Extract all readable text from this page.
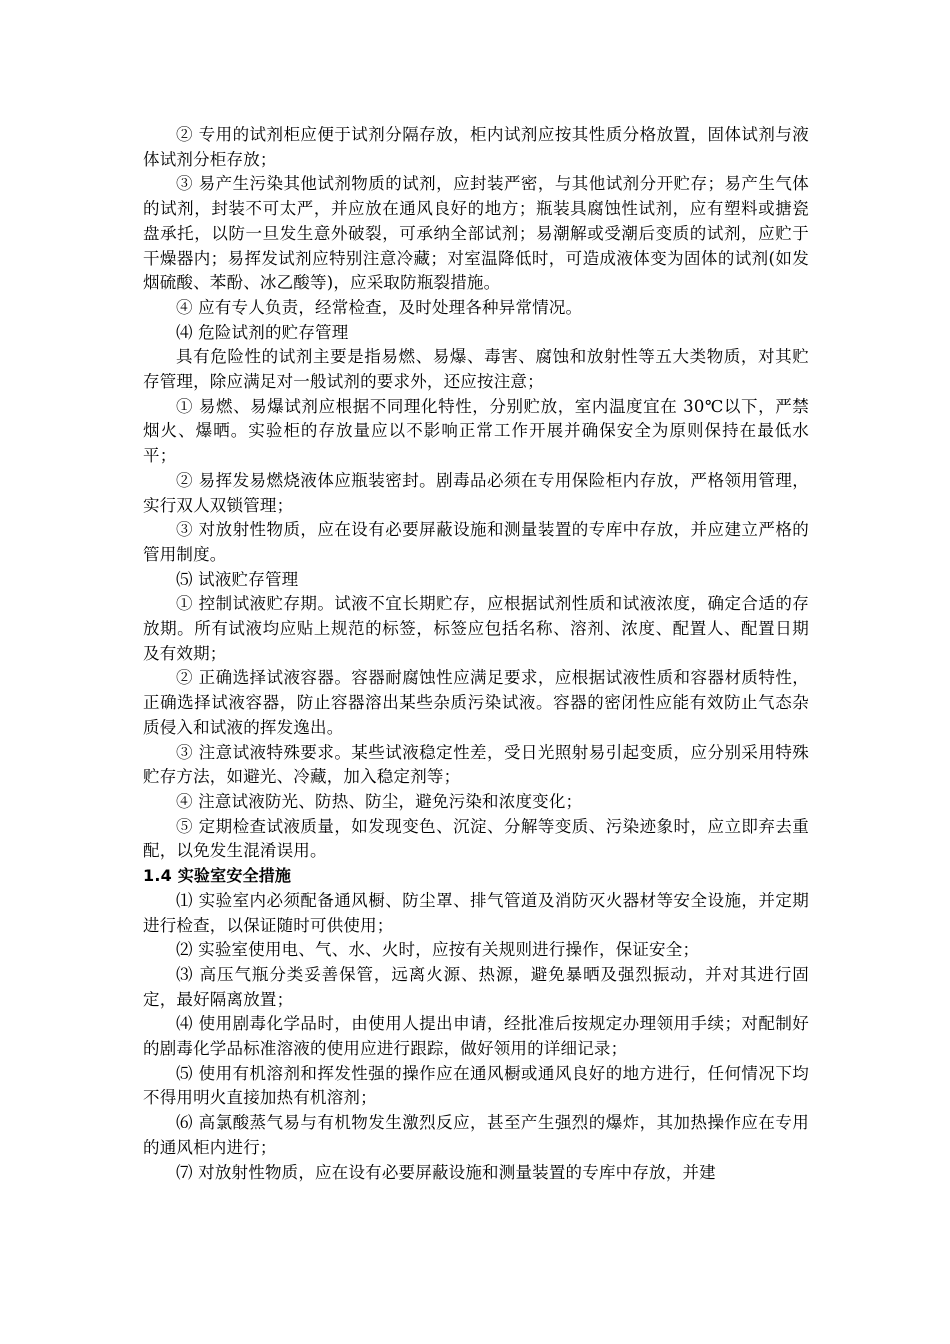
② 专用的试剂柜应便于试剂分隔存放，柜内试剂应按其性质分格放置，固体试剂与液体试剂分柜存放；

③ 易产生污染其他试剂物质的试剂，应封装严密，与其他试剂分开贮存；易产生气体的试剂，封装不可太严，并应放在通风良好的地方；瓶装具腐蚀性试剂，应有塑料或搪瓷盘承托，以防一旦发生意外破裂，可承纳全部试剂；易潮解或受潮后变质的试剂，应贮于干燥器内；易挥发试剂应特别注意冷藏；对室温降低时，可造成液体变为固体的试剂(如发烟硫酸、苯酚、冰乙酸等)，应采取防瓶裂措施。

④ 应有专人负责，经常检查，及时处理各种异常情况。

⑷ 危险试剂的贮存管理

具有危险性的试剂主要是指易燃、易爆、毒害、腐蚀和放射性等五大类物质，对其贮存管理，除应满足对一般试剂的要求外，还应按注意；

① 易燃、易爆试剂应根据不同理化特性，分别贮放，室内温度宜在 30℃以下，严禁烟火、爆晒。实验柜的存放量应以不影响正常工作开展并确保安全为原则保持在最低水平；

② 易挥发易燃烧液体应瓶装密封。剧毒品必须在专用保险柜内存放，严格领用管理，实行双人双锁管理；

③ 对放射性物质，应在设有必要屏蔽设施和测量装置的专库中存放，并应建立严格的管用制度。

⑸ 试液贮存管理

① 控制试液贮存期。试液不宜长期贮存，应根据试剂性质和试液浓度，确定合适的存放期。所有试液均应贴上规范的标签，标签应包括名称、溶剂、浓度、配置人、配置日期及有效期；

② 正确选择试液容器。容器耐腐蚀性应满足要求，应根据试液性质和容器材质特性，正确选择试液容器，防止容器溶出某些杂质污染试液。容器的密闭性应能有效防止气态杂质侵入和试液的挥发逸出。

③ 注意试液特殊要求。某些试液稳定性差，受日光照射易引起变质，应分别采用特殊贮存方法，如避光、冷藏，加入稳定剂等；

④ 注意试液防光、防热、防尘，避免污染和浓度变化；

⑤ 定期检查试液质量，如发现变色、沉淀、分解等变质、污染迹象时，应立即弃去重配，以免发生混淆误用。

1.4 实验室安全措施

⑴ 实验室内必须配备通风橱、防尘罩、排气管道及消防灭火器材等安全设施，并定期进行检查，以保证随时可供使用；

⑵ 实验室使用电、气、水、火时，应按有关规则进行操作，保证安全；

⑶ 高压气瓶分类妥善保管，远离火源、热源，避免暴晒及强烈振动，并对其进行固定，最好隔离放置；

⑷ 使用剧毒化学品时，由使用人提出申请，经批准后按规定办理领用手续；对配制好的剧毒化学品标准溶液的使用应进行跟踪，做好领用的详细记录；

⑸ 使用有机溶剂和挥发性强的操作应在通风橱或通风良好的地方进行，任何情况下均不得用明火直接加热有机溶剂；

⑹ 高氯酸蒸气易与有机物发生激烈反应，甚至产生强烈的爆炸，其加热操作应在专用的通风柜内进行；

⑺ 对放射性物质，应在设有必要屏蔽设施和测量装置的专库中存放，并建
